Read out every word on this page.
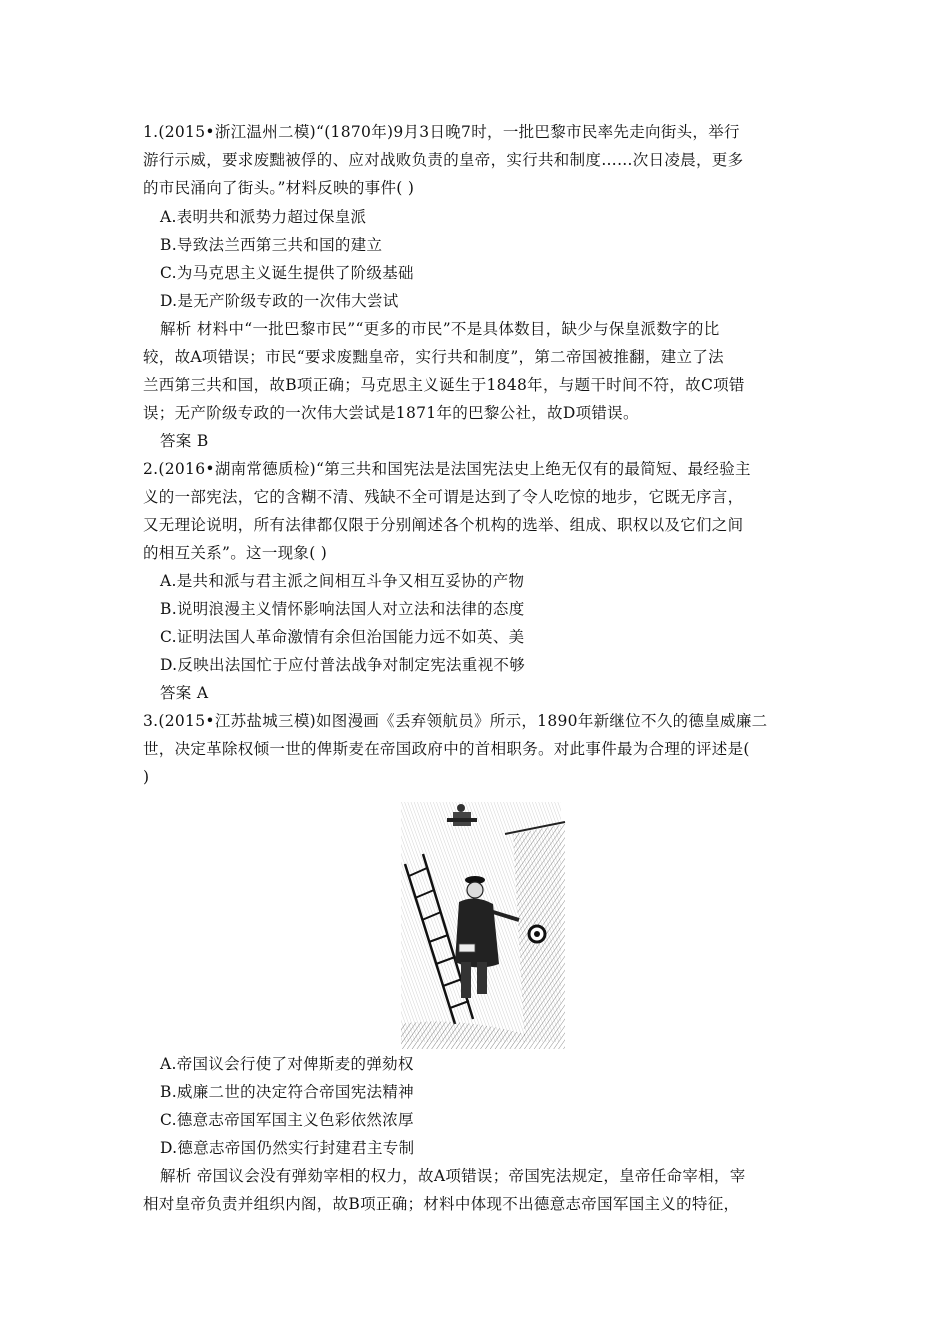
1.(2015•浙江温州二模)“(1870年)9月3日晚7时，一批巴黎市民率先走向街头，举行
游行示威，要求废黜被俘的、应对战败负责的皇帝，实行共和制度……次日凌晨，更多
的市民涌向了街头。”材料反映的事件( )
A.表明共和派势力超过保皇派
B.导致法兰西第三共和国的建立
C.为马克思主义诞生提供了阶级基础
D.是无产阶级专政的一次伟大尝试
解析 材料中“一批巴黎市民”“更多的市民”不是具体数目，缺少与保皇派数字的比
较，故A项错误；市民“要求废黜皇帝，实行共和制度”，第二帝国被推翻，建立了法
兰西第三共和国，故B项正确；马克思主义诞生于1848年，与题干时间不符，故C项错
误；无产阶级专政的一次伟大尝试是1871年的巴黎公社，故D项错误。
答案 B
2.(2016•湖南常德质检)“第三共和国宪法是法国宪法史上绝无仅有的最简短、最经验主
义的一部宪法，它的含糊不清、残缺不全可谓是达到了令人吃惊的地步，它既无序言，
又无理论说明，所有法律都仅限于分别阐述各个机构的选举、组成、职权以及它们之间
的相互关系”。这一现象( )
A.是共和派与君主派之间相互斗争又相互妥协的产物
B.说明浪漫主义情怀影响法国人对立法和法律的态度
C.证明法国人革命激情有余但治国能力远不如英、美
D.反映出法国忙于应付普法战争对制定宪法重视不够
答案 A
3.(2015•江苏盐城三模)如图漫画《丢弃领航员》所示，1890年新继位不久的德皇威廉二
世，决定革除权倾一世的俾斯麦在帝国政府中的首相职务。对此事件最为合理的评述是(
)
A.帝国议会行使了对俾斯麦的弹劾权
B.威廉二世的决定符合帝国宪法精神
C.德意志帝国军国主义色彩依然浓厚
D.德意志帝国仍然实行封建君主专制
解析 帝国议会没有弹劾宰相的权力，故A项错误；帝国宪法规定，皇帝任命宰相，宰
相对皇帝负责并组织内阁，故B项正确；材料中体现不出德意志帝国军国主义的特征，
